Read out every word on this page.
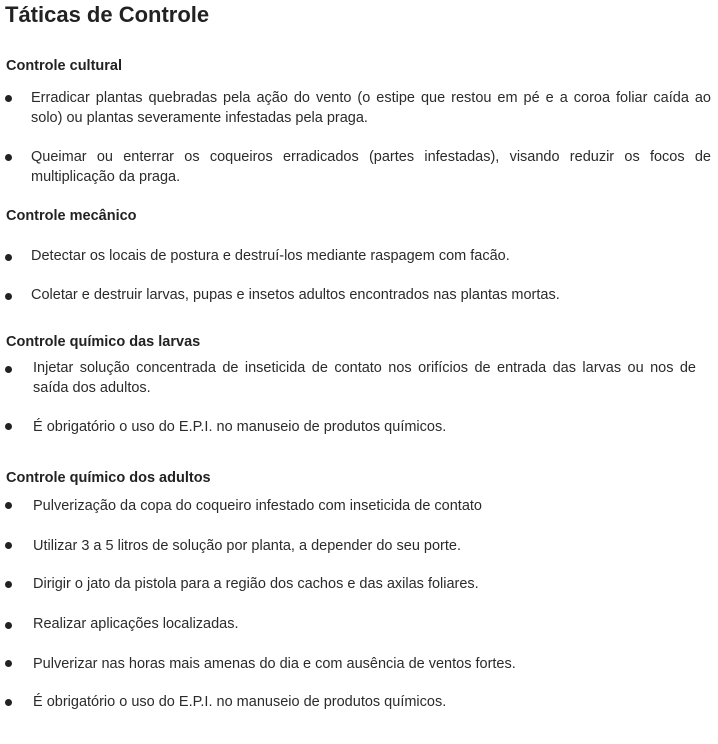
Táticas de Controle
Controle cultural
Erradicar plantas quebradas pela ação do vento (o estipe que restou em pé e a coroa foliar caída ao solo) ou plantas severamente infestadas pela praga.
Queimar ou enterrar os coqueiros erradicados (partes infestadas), visando reduzir os focos de multiplicação da praga.
Controle mecânico
Detectar os locais de postura e destruí-los mediante raspagem com facão.
Coletar e destruir larvas, pupas e insetos adultos encontrados nas plantas mortas.
Controle químico das larvas
Injetar solução concentrada de inseticida de contato nos orifícios de entrada das larvas ou nos de saída dos adultos.
É obrigatório o uso do E.P.I. no manuseio de produtos químicos.
Controle químico dos adultos
Pulverização da copa do coqueiro infestado com inseticida de contato
Utilizar 3 a 5 litros de solução por planta, a depender do seu porte.
Dirigir o jato da pistola para a região dos cachos e das axilas foliares.
Realizar aplicações localizadas.
Pulverizar nas horas mais amenas do dia e com ausência de ventos fortes.
É obrigatório o uso do E.P.I. no manuseio de produtos químicos.
